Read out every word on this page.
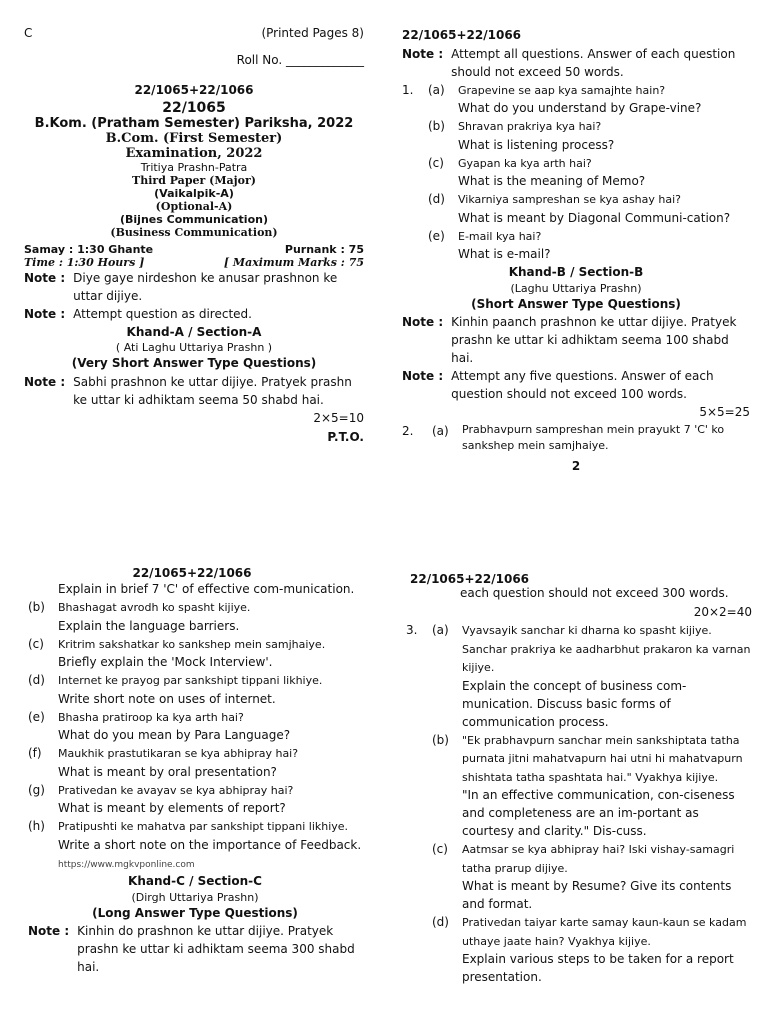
C	(Printed Pages 8)
Roll No. _____________
22/1065+22/1066
22/1065
B.Kom. (Pratham Semester) Pariksha, 2022
B.Com. (First Semester)
Examination, 2022
Tritiya Prashn-Patra
Third Paper (Major)
(Vaikalpik-A)
(Optional-A)
(Bijnes Communication)
(Business Communication)
Samay : 1:30 Ghante	Purnank : 75
Time : 1:30 Hours ]	[ Maximum Marks : 75
Note : Diye gaye nirdeshon ke anusar prashnon ke uttar dijiye.
Note : Attempt question as directed.
Khand-A / Section-A
( Ati Laghu Uttariya Prashn )
(Very Short Answer Type Questions)
Note : Sabhi prashnon ke uttar dijiye. Pratyek prashn ke uttar ki adhiktam seema 50 shabd hai.
2×5=10
P.T.O.
22/1065+22/1066
Note : Attempt all questions. Answer of each question should not exceed 50 words.
1.	(a)	Grapevine se aap kya samajhte hain?
What do you understand by Grape-vine?
(b)	Shravan prakriya kya hai?
What is listening process?
(c)	Gyapan ka kya arth hai?
What is the meaning of Memo?
(d)	Vikarniya sampreshan se kya ashay hai?
What is meant by Diagonal Communi-cation?
(e)	E-mail kya hai?
What is e-mail?
Khand-B / Section-B
(Laghu Uttariya Prashn)
(Short Answer Type Questions)
Note : Kinhin paanch prashnon ke uttar dijiye. Pratyek prashn ke uttar ki adhiktam seema 100 shabd hai.
Note : Attempt any five questions. Answer of each question should not exceed 100 words.
5×5=25
2.	(a)	Prabhavpurn sampreshan mein prayukt 7 'C' ko sankshep mein samjhaiye.
2
22/1065+22/1066
Explain in brief 7 'C' of effective com-munication.
(b)	Bhashagat avrodh ko spasht kijiye.
Explain the language barriers.
(c)	Kritrim sakshatkar ko sankshep mein samjhaiye.
Briefly explain the 'Mock Interview'.
(d)	Internet ke prayog par sankshipt tippani likhiye.
Write short note on uses of internet.
(e)	Bhasha pratiroop ka kya arth hai?
What do you mean by Para Language?
(f)	Maukhik prastutikaran se kya abhipray hai?
What is meant by oral presentation?
(g)	Prativedan ke avayav se kya abhipray hai?
What is meant by elements of report?
(h)	Pratipushti ke mahatva par sankshipt tippani likhiye.
Write a short note on the importance of Feedback. https://www.mgkvponline.com
Khand-C / Section-C
(Dirgh Uttariya Prashn)
(Long Answer Type Questions)
Note : Kinhin do prashnon ke uttar dijiye. Pratyek prashn ke uttar ki adhiktam seema 300 shabd hai.
22/1065+22/1066
each question should not exceed 300 words.
20×2=40
3.	(a)	Vyavsayik sanchar ki dharna ko spasht kijiye. Sanchar prakriya ke aadharbhut prakaron ka varnan kijiye.
Explain the concept of business com-munication. Discuss basic forms of communication process.
(b)	"Ek prabhavpurn sanchar mein sankshiptata tatha purnata jitni mahatvapurn hai utni hi mahatvapurn shishtata tatha spashtata hai." Vyakhya kijiye.
"In an effective communication, con-ciseness and completeness are an im-portant as courtesy and clarity." Dis-cuss.
(c)	Aatmsar se kya abhipray hai? Iski vishay-samagri tatha prarup dijiye.
What is meant by Resume? Give its contents and format.
(d)	Prativedan taiyar karte samay kaun-kaun se kadam uthaye jaate hain? Vyakhya kijiye.
Explain various steps to be taken for a report presentation.
